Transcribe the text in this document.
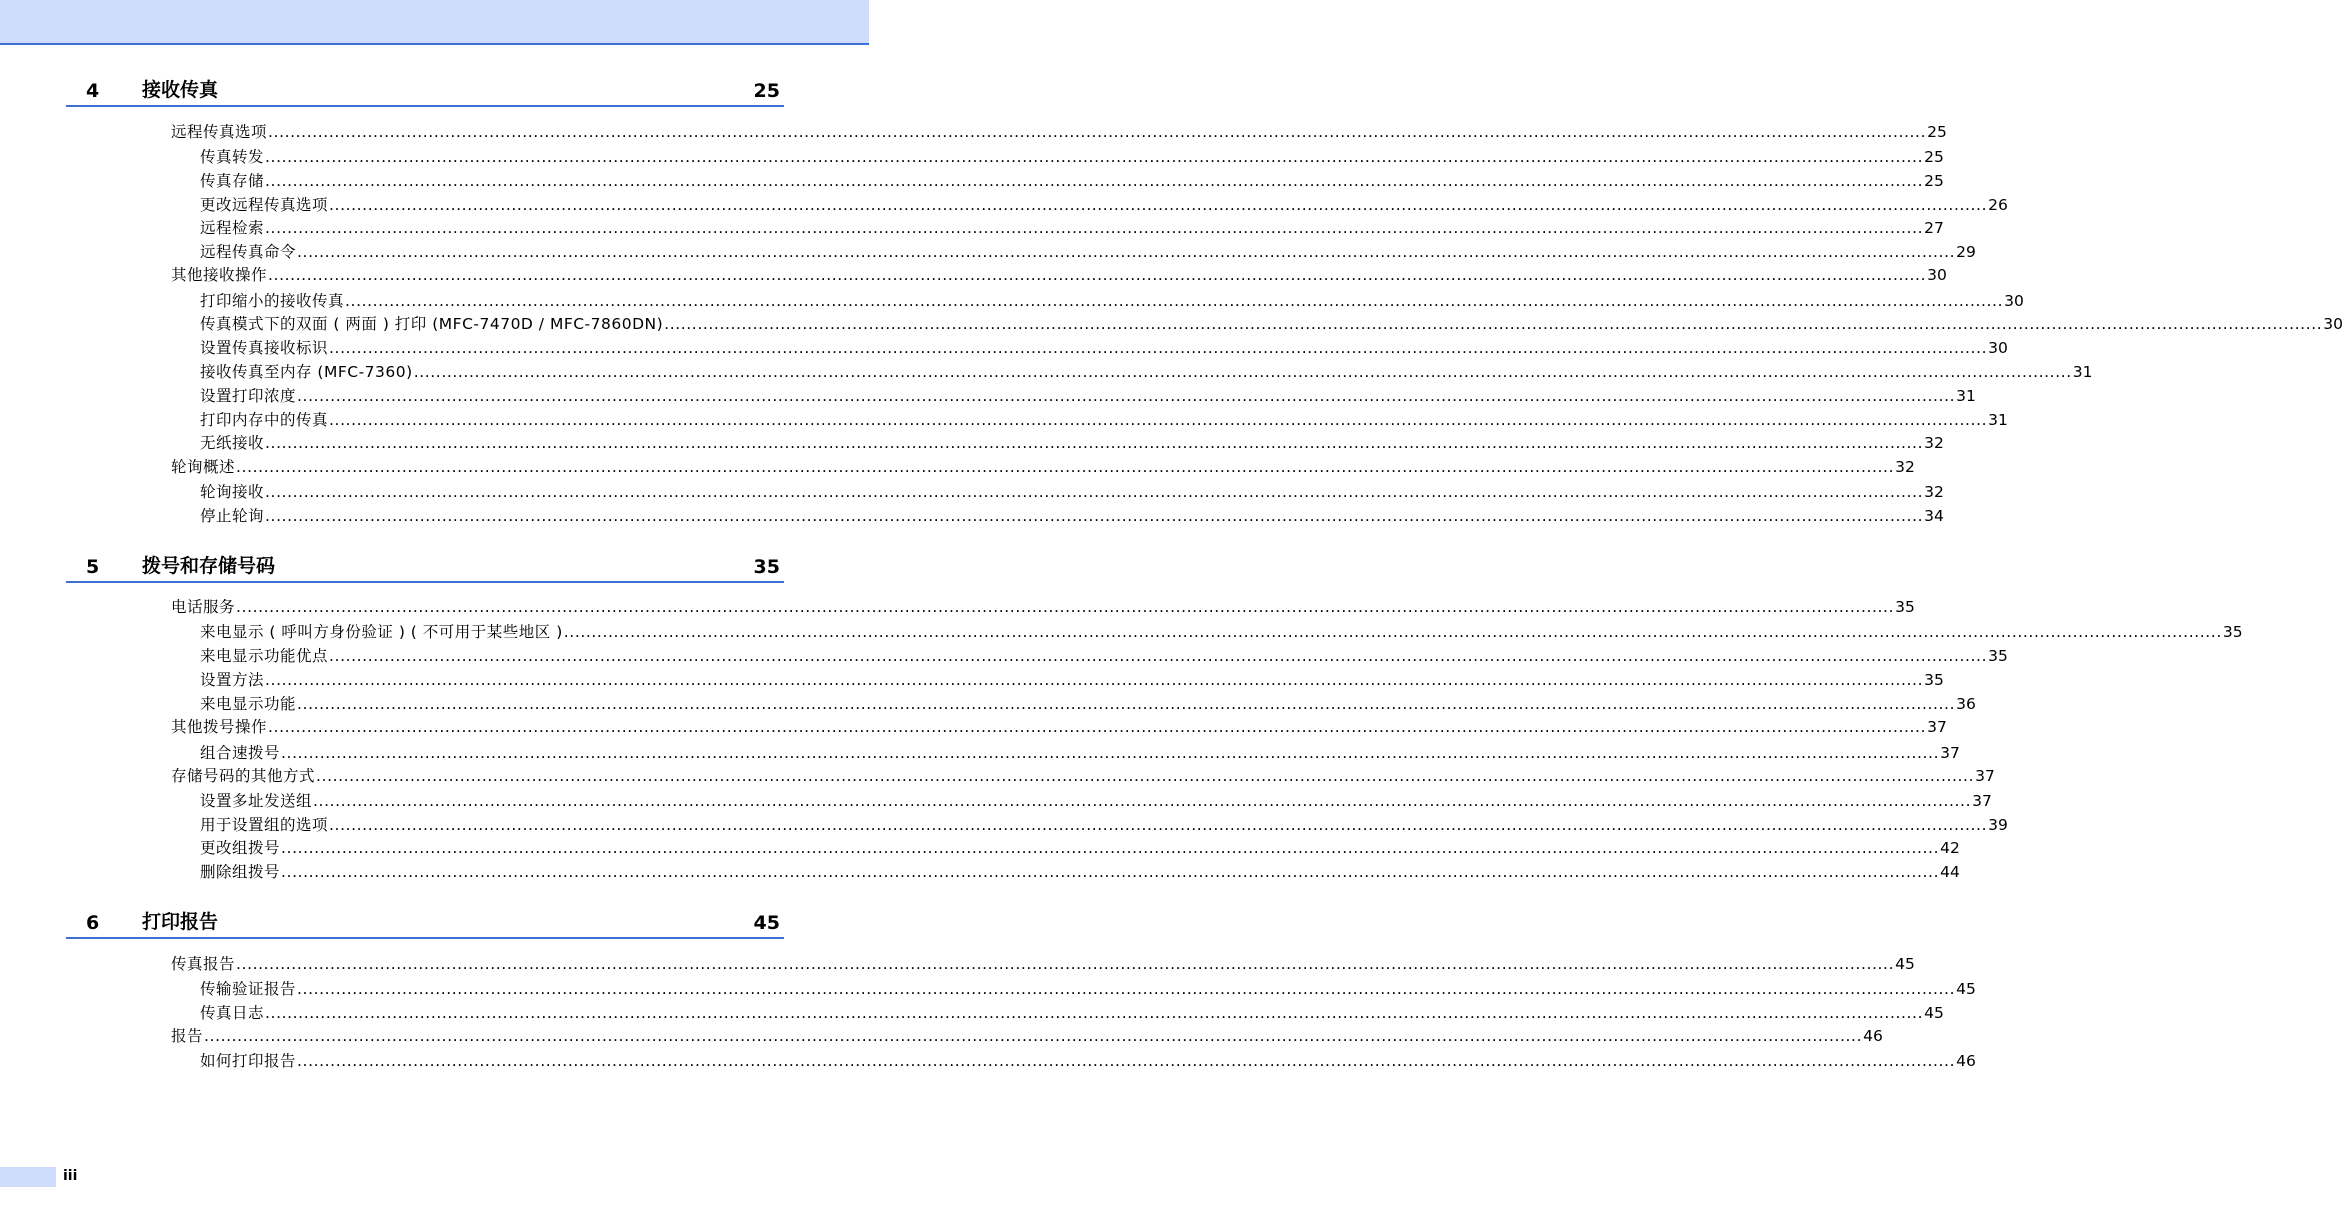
4 接收传真	25
远程传真选项 ............................................................................................................................................................................................................................................................................................................ 25
传真转发 ............................................................................................................................................................................................................................................................................................................ 25
传真存储 ............................................................................................................................................................................................................................................................................................................ 25
更改远程传真选项 ............................................................................................................................................................................................................................................................................................................ 26
远程检索 ............................................................................................................................................................................................................................................................................................................ 27
远程传真命令 ............................................................................................................................................................................................................................................................................................................ 29
其他接收操作 ............................................................................................................................................................................................................................................................................................................ 30
打印缩小的接收传真 ............................................................................................................................................................................................................................................................................................................ 30
传真模式下的双面 ( 两面 ) 打印 (MFC-7470D / MFC-7860DN) ............................................................................................................................................................................................................................................................................................................ 30
设置传真接收标识 ............................................................................................................................................................................................................................................................................................................ 30
接收传真至内存 (MFC-7360) ............................................................................................................................................................................................................................................................................................................ 31
设置打印浓度 ............................................................................................................................................................................................................................................................................................................ 31
打印内存中的传真 ............................................................................................................................................................................................................................................................................................................ 31
无纸接收 ............................................................................................................................................................................................................................................................................................................ 32
轮询概述 ............................................................................................................................................................................................................................................................................................................ 32
轮询接收 ............................................................................................................................................................................................................................................................................................................ 32
停止轮询 ............................................................................................................................................................................................................................................................................................................ 34
5 拨号和存储号码	35
电话服务 ............................................................................................................................................................................................................................................................................................................ 35
来电显示 ( 呼叫方身份验证 ) ( 不可用于某些地区 ) ............................................................................................................................................................................................................................................................................................................ 35
来电显示功能优点 ............................................................................................................................................................................................................................................................................................................ 35
设置方法 ............................................................................................................................................................................................................................................................................................................ 35
来电显示功能 ............................................................................................................................................................................................................................................................................................................ 36
其他拨号操作 ............................................................................................................................................................................................................................................................................................................ 37
组合速拨号 ............................................................................................................................................................................................................................................................................................................ 37
存储号码的其他方式 ............................................................................................................................................................................................................................................................................................................ 37
设置多址发送组 ............................................................................................................................................................................................................................................................................................................ 37
用于设置组的选项 ............................................................................................................................................................................................................................................................................................................ 39
更改组拨号 ............................................................................................................................................................................................................................................................................................................ 42
删除组拨号 ............................................................................................................................................................................................................................................................................................................ 44
6 打印报告	45
传真报告 ............................................................................................................................................................................................................................................................................................................ 45
传输验证报告 ............................................................................................................................................................................................................................................................................................................ 45
传真日志 ............................................................................................................................................................................................................................................................................................................ 45
报告 ............................................................................................................................................................................................................................................................................................................ 46
如何打印报告 ............................................................................................................................................................................................................................................................................................................ 46
iii
